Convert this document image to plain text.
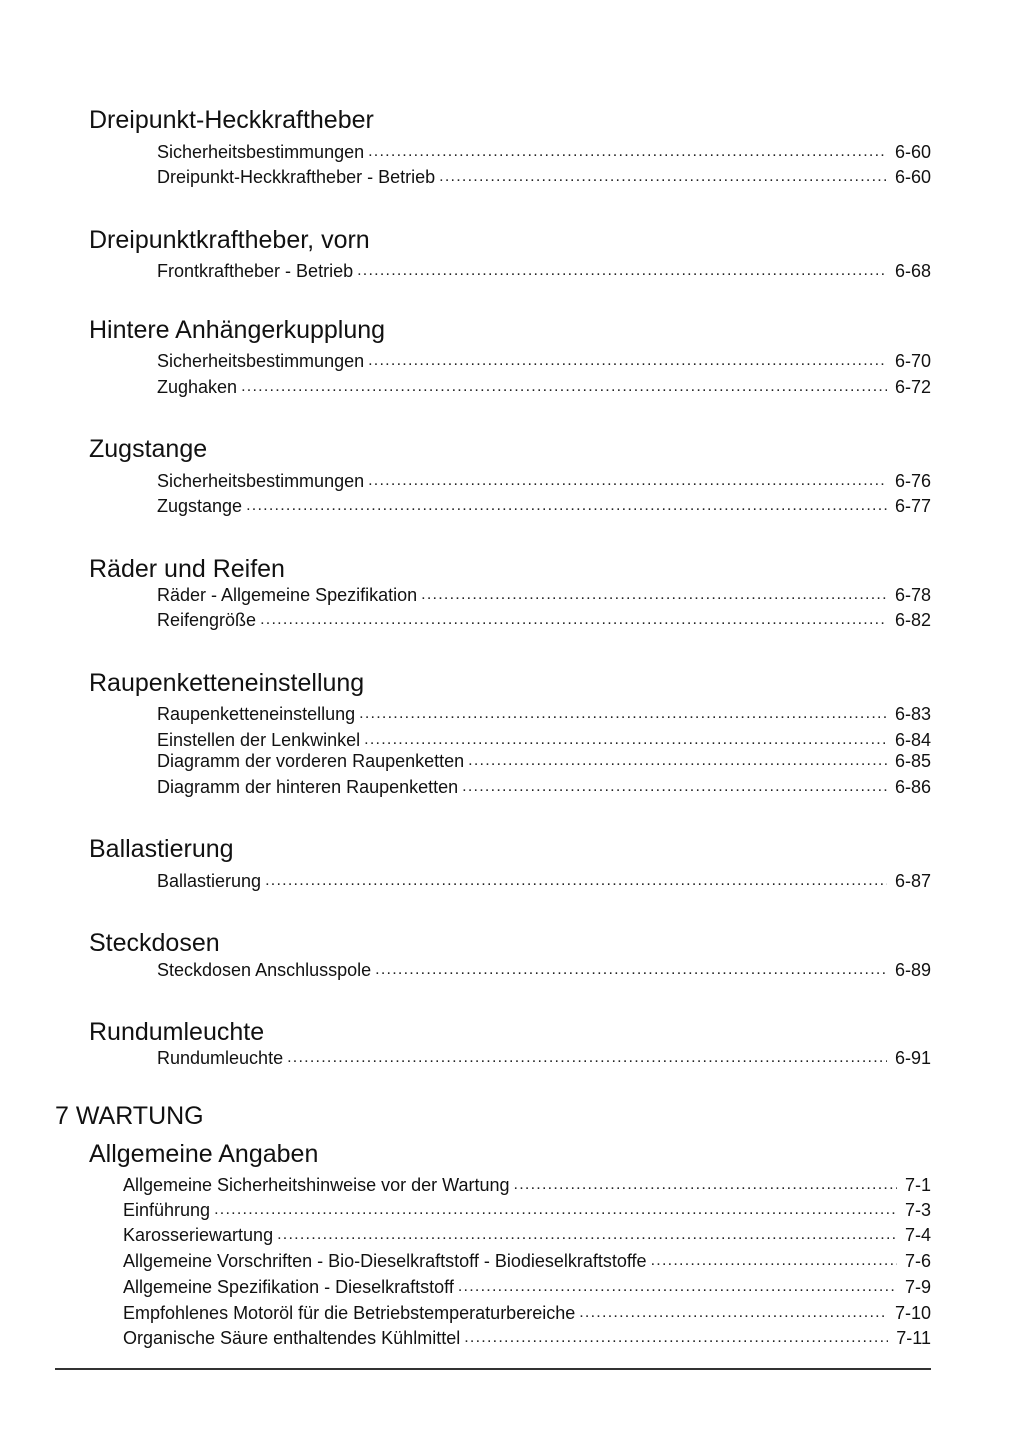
Dreipunkt-Heckkraftheber
Sicherheitsbestimmungen . . .	6-60
Dreipunkt-Heckkraftheber - Betrieb . . .	6-60
Dreipunktkraftheber, vorn
Frontkraftheber - Betrieb . . .	6-68
Hintere Anhängerkupplung
Sicherheitsbestimmungen . . .	6-70
Zughaken . . .	6-72
Zugstange
Sicherheitsbestimmungen . . .	6-76
Zugstange . . .	6-77
Räder und Reifen
Räder - Allgemeine Spezifikation . . .	6-78
Reifengröße . . .	6-82
Raupenketteneinstellung
Raupenketteneinstellung . . .	6-83
Einstellen der Lenkwinkel . . .	6-84
Diagramm der vorderen Raupenketten . . .	6-85
Diagramm der hinteren Raupenketten . . .	6-86
Ballastierung
Ballastierung . . .	6-87
Steckdosen
Steckdosen Anschlusspole . . .	6-89
Rundumleuchte
Rundumleuchte . . .	6-91
7 WARTUNG
Allgemeine Angaben
Allgemeine Sicherheitshinweise vor der Wartung . . .	7-1
Einführung . . .	7-3
Karosseriewartung . . .	7-4
Allgemeine Vorschriften - Bio-Dieselkraftstoff - Biodieselkraftstoffe . . .	7-6
Allgemeine Spezifikation - Dieselkraftstoff . . .	7-9
Empfohlenes Motoröl für die Betriebstemperaturbereiche . . .	7-10
Organische Säure enthaltendes Kühlmittel . . .	7-11
